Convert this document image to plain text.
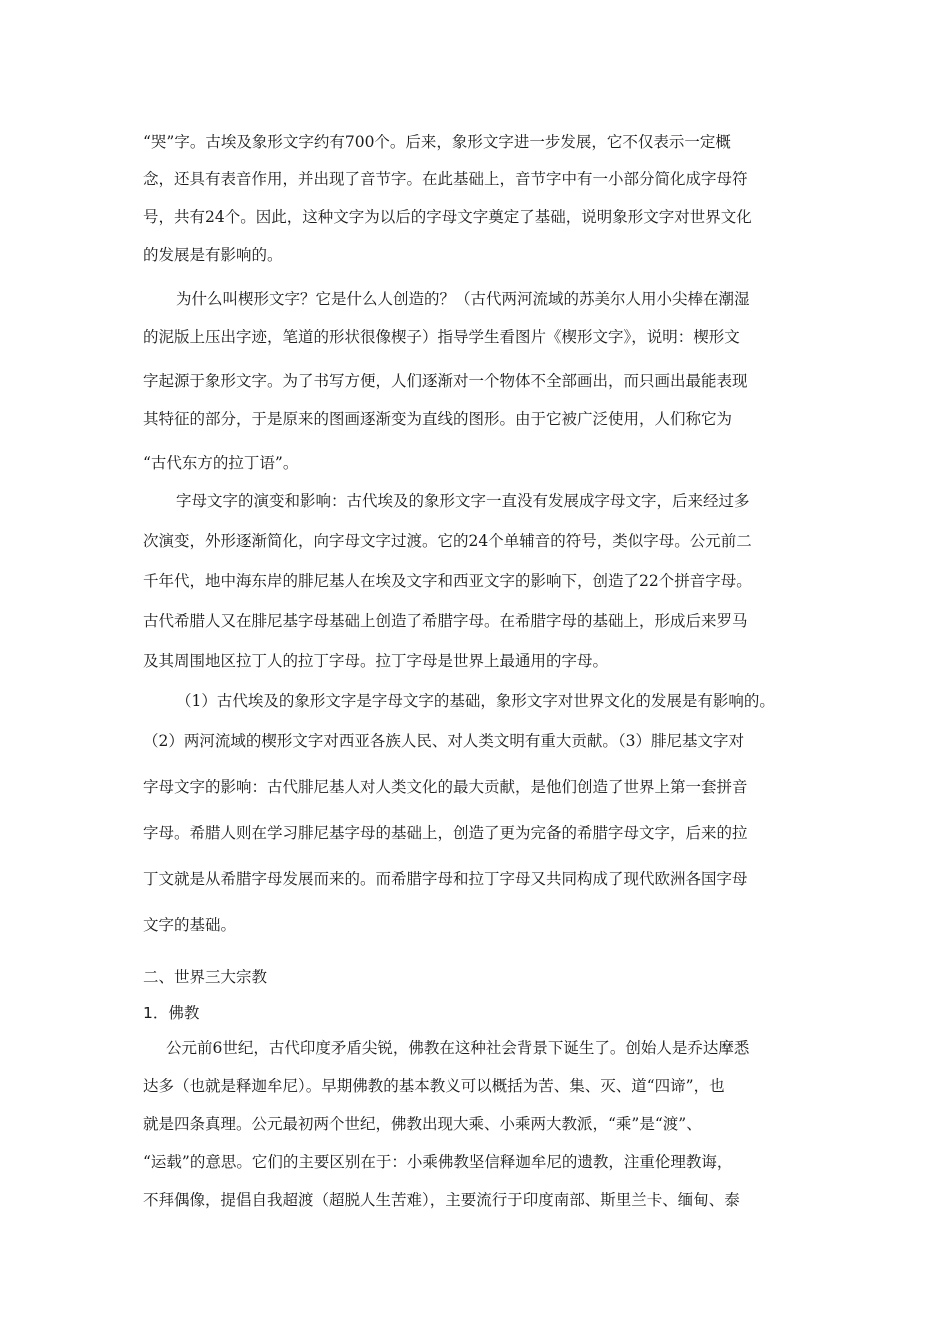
“哭”字。古埃及象形文字约有700个。后来，象形文字进一步发展，它不仅表示一定概
念，还具有表音作用，并出现了音节字。在此基础上，音节字中有一小部分简化成字母符
号，共有24个。因此，这种文字为以后的字母文字奠定了基础，说明象形文字对世界文化
的发展是有影响的。
为什么叫楔形文字？它是什么人创造的？（古代两河流域的苏美尔人用小尖棒在潮湿
的泥版上压出字迹，笔道的形状很像楔子）指导学生看图片《楔形文字》，说明：楔形文
字起源于象形文字。为了书写方便，人们逐渐对一个物体不全部画出，而只画出最能表现
其特征的部分，于是原来的图画逐渐变为直线的图形。由于它被广泛使用，人们称它为
“古代东方的拉丁语”。
字母文字的演变和影响：古代埃及的象形文字一直没有发展成字母文字，后来经过多
次演变，外形逐渐简化，向字母文字过渡。它的24个单辅音的符号，类似字母。公元前二
千年代，地中海东岸的腓尼基人在埃及文字和西亚文字的影响下，创造了22个拼音字母。
古代希腊人又在腓尼基字母基础上创造了希腊字母。在希腊字母的基础上，形成后来罗马
及其周围地区拉丁人的拉丁字母。拉丁字母是世界上最通用的字母。
（1）古代埃及的象形文字是字母文字的基础，象形文字对世界文化的发展是有影响的。
（2）两河流域的楔形文字对西亚各族人民、对人类文明有重大贡献。（3）腓尼基文字对
字母文字的影响：古代腓尼基人对人类文化的最大贡献，是他们创造了世界上第一套拼音
字母。希腊人则在学习腓尼基字母的基础上，创造了更为完备的希腊字母文字，后来的拉
丁文就是从希腊字母发展而来的。而希腊字母和拉丁字母又共同构成了现代欧洲各国字母
文字的基础。
二、世界三大宗教
1．佛教
公元前6世纪，古代印度矛盾尖锐，佛教在这种社会背景下诞生了。创始人是乔达摩悉
达多（也就是释迦牟尼）。早期佛教的基本教义可以概括为苦、集、灭、道“四谛”，也
就是四条真理。公元最初两个世纪，佛教出现大乘、小乘两大教派，“乘”是“渡”、
“运载”的意思。它们的主要区别在于：小乘佛教坚信释迦牟尼的遗教，注重伦理教诲，
不拜偶像，提倡自我超渡（超脱人生苦难），主要流行于印度南部、斯里兰卡、缅甸、泰
